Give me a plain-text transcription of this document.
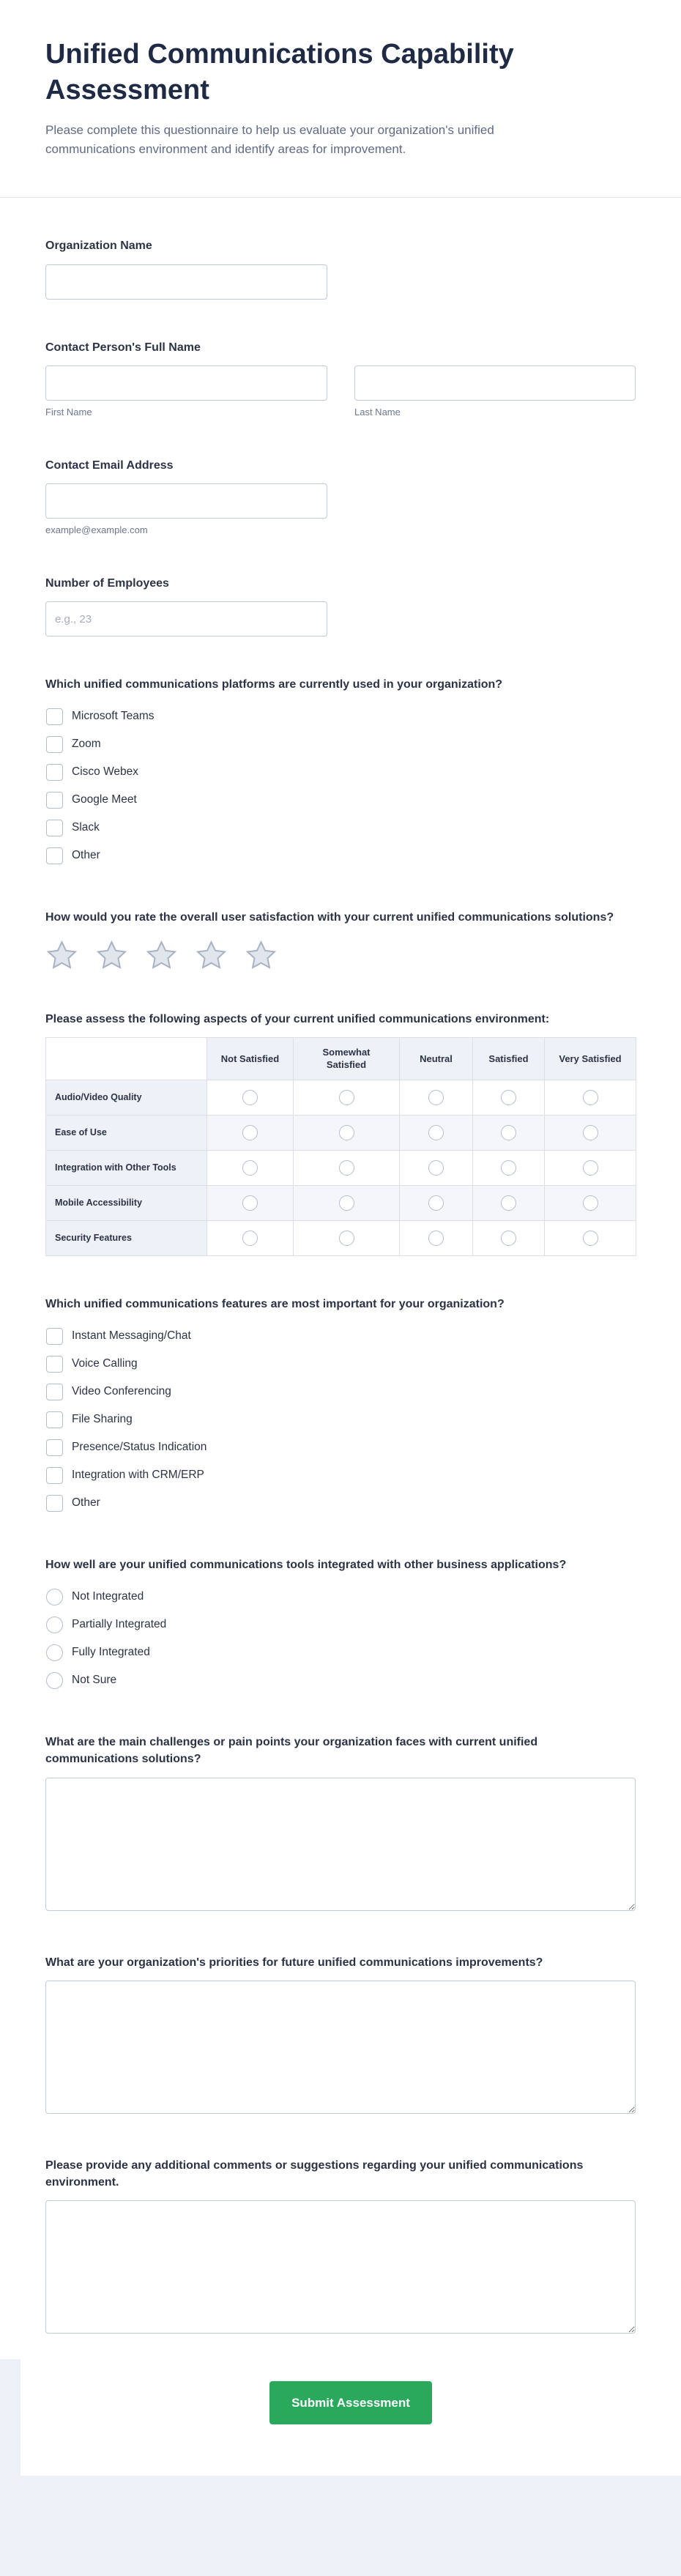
Unified Communications Capability Assessment

Please complete this questionnaire to help us evaluate your organization's unified communications environment and identify areas for improvement.

Organization Name
Contact Person's Full Name
First Name	Last Name
Contact Email Address
example@example.com
Number of Employees
e.g., 23
Which unified communications platforms are currently used in your organization?
Microsoft Teams
Zoom
Cisco Webex
Google Meet
Slack
Other
How would you rate the overall user satisfaction with your current unified communications solutions?
Please assess the following aspects of your current unified communications environment:
	Not Satisfied	Somewhat Satisfied	Neutral	Satisfied	Very Satisfied
Audio/Video Quality					
Ease of Use					
Integration with Other Tools					
Mobile Accessibility					
Security Features					
Which unified communications features are most important for your organization?
Instant Messaging/Chat
Voice Calling
Video Conferencing
File Sharing
Presence/Status Indication
Integration with CRM/ERP
Other
How well are your unified communications tools integrated with other business applications?
Not Integrated
Partially Integrated
Fully Integrated
Not Sure
What are the main challenges or pain points your organization faces with current unified communications solutions?
What are your organization's priorities for future unified communications improvements?
Please provide any additional comments or suggestions regarding your unified communications environment.
Submit Assessment
